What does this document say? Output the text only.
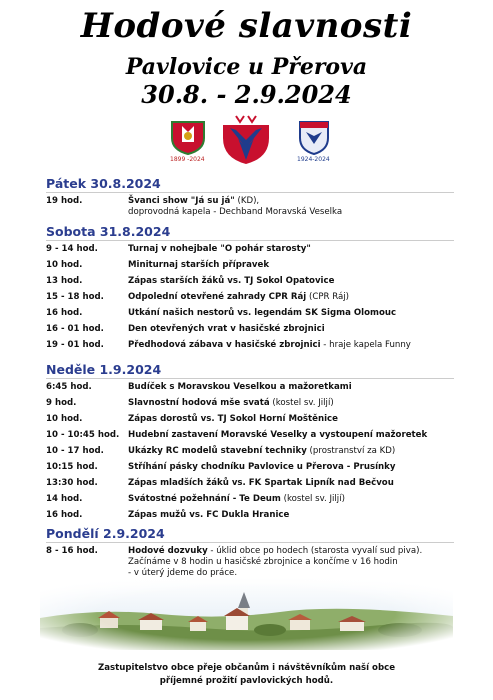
Hodové slavnosti
Pavlovice u Přerova
30.8. - 2.9.2024
1899 -2024	1924-2024
Pátek 30.8.2024
19 hod.	Švanci show "Já su já" (KD),
doprovodná kapela - Dechband Moravská Veselka
Sobota 31.8.2024
9 - 14 hod.	Turnaj v nohejbale "O pohár starosty"
10 hod.	Miniturnaj starších přípravek
13 hod.	Zápas starších žáků vs. TJ Sokol Opatovice
15 - 18 hod.	Odpolední otevřené zahrady CPR Ráj (CPR Ráj)
16 hod.	Utkání našich nestorů vs. legendám SK Sigma Olomouc
16 - 01 hod.	Den otevřených vrat v hasičské zbrojnici
19 - 01 hod.	Předhodová zábava v hasičské zbrojnici - hraje kapela Funny
Neděle 1.9.2024
6:45 hod.	Budíček s Moravskou Veselkou a mažoretkami
9 hod.	Slavnostní hodová mše svatá (kostel sv. Jiljí)
10 hod.	Zápas dorostů vs. TJ Sokol Horní Moštěnice
10 - 10:45 hod.	Hudební zastavení Moravské Veselky a vystoupení mažoretek
10 - 17 hod.	Ukázky RC modelů stavební techniky (prostranství za KD)
10:15 hod.	Stříhání pásky chodníku Pavlovice u Přerova - Prusínky
13:30 hod.	Zápas mladších žáků vs. FK Spartak Lipník nad Bečvou
14 hod.	Svátostné požehnání - Te Deum (kostel sv. Jiljí)
16 hod.	Zápas mužů vs. FC Dukla Hranice
Pondělí 2.9.2024
8 - 16 hod.	Hodové dozvuky - úklid obce po hodech (starosta vyvalí sud piva).
Začínáme v 8 hodin u hasičské zbrojnice a končíme v 16 hodin
- v úterý jdeme do práce.
Zastupitelstvo obce přeje občanům i návštěvníkům naší obce
příjemné prožití pavlovických hodů.
